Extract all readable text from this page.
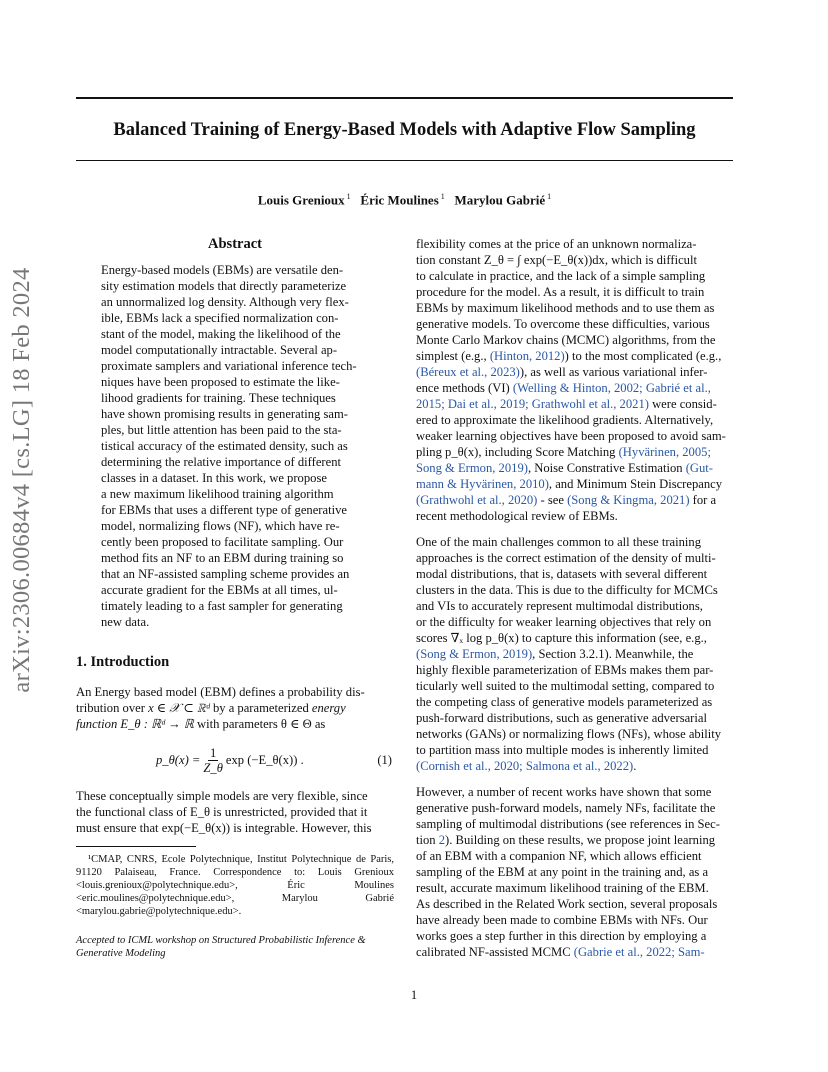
arXiv:2306.00684v4 [cs.LG] 18 Feb 2024
Balanced Training of Energy-Based Models with Adaptive Flow Sampling
Louis Grenioux $^1$ Éric Moulines $^1$ Marylou Gabrié $^1$
Abstract
Energy-based models (EBMs) are versatile den-
sity estimation models that directly parameterize
an unnormalized log density. Although very flex-
ible, EBMs lack a specified normalization con-
stant of the model, making the likelihood of the
model computationally intractable. Several ap-
proximate samplers and variational inference tech-
niques have been proposed to estimate the like-
lihood gradients for training. These techniques
have shown promising results in generating sam-
ples, but little attention has been paid to the sta-
tistical accuracy of the estimated density, such as
determining the relative importance of different
classes in a dataset. In this work, we propose
a new maximum likelihood training algorithm
for EBMs that uses a different type of generative
model, normalizing flows (NF), which have re-
cently been proposed to facilitate sampling. Our
method fits an NF to an EBM during training so
that an NF-assisted sampling scheme provides an
accurate gradient for the EBMs at all times, ul-
timately leading to a fast sampler for generating
new data.
1. Introduction

An Energy based model (EBM) defines a probability dis-
tribution over x ∈ 𝒳 ⊂ ℝᵈ by a parameterized energy
function E_θ : ℝᵈ → ℝ with parameters θ ∈ Θ as

p_θ(x) = $\frac{1}{Z\_\theta}$ exp (−E_θ(x)) .	(1)

These conceptually simple models are very flexible, since
the functional class of E_θ is unrestricted, provided that it
must ensure that exp(−E_θ(x)) is integrable. However, this

¹CMAP, CNRS, Ecole Polytechnique, Institut Polytechnique de Paris, 91120 Palaiseau, France. Correspondence to: Louis Grenioux <louis.grenioux@polytechnique.edu>, Éric Moulines <eric.moulines@polytechnique.edu>, Marylou Gabrié <marylou.gabrie@polytechnique.edu>.
Accepted to ICML workshop on Structured Probabilistic Inference & Generative Modeling

flexibility comes at the price of an unknown normaliza-
tion constant Z_θ = ∫ exp(−E_θ(x))dx, which is difficult
to calculate in practice, and the lack of a simple sampling
procedure for the model. As a result, it is difficult to train
EBMs by maximum likelihood methods and to use them as
generative models. To overcome these difficulties, various
Monte Carlo Markov chains (MCMC) algorithms, from the
simplest (e.g., (Hinton, 2012)) to the most complicated (e.g.,
(Béreux et al., 2023)), as well as various variational infer-
ence methods (VI) (Welling & Hinton, 2002; Gabrié et al.,
2015; Dai et al., 2019; Grathwohl et al., 2021) were consid-
ered to approximate the likelihood gradients. Alternatively,
weaker learning objectives have been proposed to avoid sam-
pling p_θ(x), including Score Matching (Hyvärinen, 2005;
Song & Ermon, 2019), Noise Constrative Estimation (Gut-
mann & Hyvärinen, 2010), and Minimum Stein Discrepancy
(Grathwohl et al., 2020) - see (Song & Kingma, 2021) for a
recent methodological review of EBMs.

One of the main challenges common to all these training
approaches is the correct estimation of the density of multi-
modal distributions, that is, datasets with several different
clusters in the data. This is due to the difficulty for MCMCs
and VIs to accurately represent multimodal distributions,
or the difficulty for weaker learning objectives that rely on
scores ∇ₓ log p_θ(x) to capture this information (see, e.g.,
(Song & Ermon, 2019), Section 3.2.1). Meanwhile, the
highly flexible parameterization of EBMs makes them par-
ticularly well suited to the multimodal setting, compared to
the competing class of generative models parameterized as
push-forward distributions, such as generative adversarial
networks (GANs) or normalizing flows (NFs), whose ability
to partition mass into multiple modes is inherently limited
(Cornish et al., 2020; Salmona et al., 2022).

However, a number of recent works have shown that some
generative push-forward models, namely NFs, facilitate the
sampling of multimodal distributions (see references in Sec-
tion 2). Building on these results, we propose joint learning
of an EBM with a companion NF, which allows efficient
sampling of the EBM at any point in the training and, as a
result, accurate maximum likelihood training of the EBM.
As described in the Related Work section, several proposals
have already been made to combine EBMs with NFs. Our
works goes a step further in this direction by employing a
calibrated NF-assisted MCMC (Gabrie et al., 2022; Sam-

1
